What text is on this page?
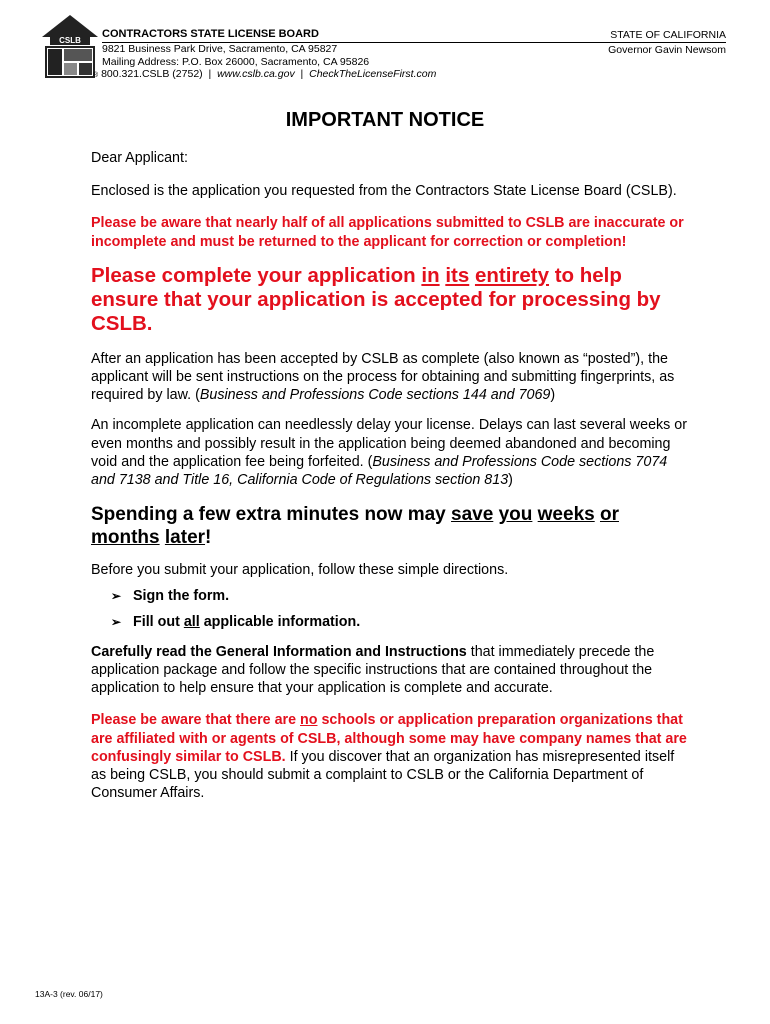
CSLB
CONTRACTORS STATE LICENSE BOARD
9821 Business Park Drive, Sacramento, CA 95827
Mailing Address: P.O. Box 26000, Sacramento, CA 95826
® 800.321.CSLB (2752)  |  www.cslb.ca.gov  |  CheckTheLicenseFirst.com
STATE OF CALIFORNIA
Governor Gavin Newsom
IMPORTANT NOTICE

Dear Applicant:

Enclosed is the application you requested from the Contractors State License Board (CSLB).

Please be aware that nearly half of all applications submitted to CSLB are inaccurate or incomplete and must be returned to the applicant for correction or completion!

Please complete your application in its entirety to help ensure that your application is accepted for processing by CSLB.

After an application has been accepted by CSLB as complete (also known as “posted”), the applicant will be sent instructions on the process for obtaining and submitting fingerprints, as required by law. (Business and Professions Code sections 144 and 7069)

An incomplete application can needlessly delay your license. Delays can last several weeks or even months and possibly result in the application being deemed abandoned and becoming void and the application fee being forfeited. (Business and Professions Code sections 7074 and 7138 and Title 16, California Code of Regulations section 813)

Spending a few extra minutes now may save you weeks or months later!

Before you submit your application, follow these simple directions.

➢ Sign the form.
➢ Fill out all applicable information.

Carefully read the General Information and Instructions that immediately precede the application package and follow the specific instructions that are contained throughout the application to help ensure that your application is complete and accurate.

Please be aware that there are no schools or application preparation organizations that are affiliated with or agents of CSLB, although some may have company names that are confusingly similar to CSLB. If you discover that an organization has misrepresented itself as being CSLB, you should submit a complaint to CSLB or the California Department of Consumer Affairs.

13A-3 (rev. 06/17)
